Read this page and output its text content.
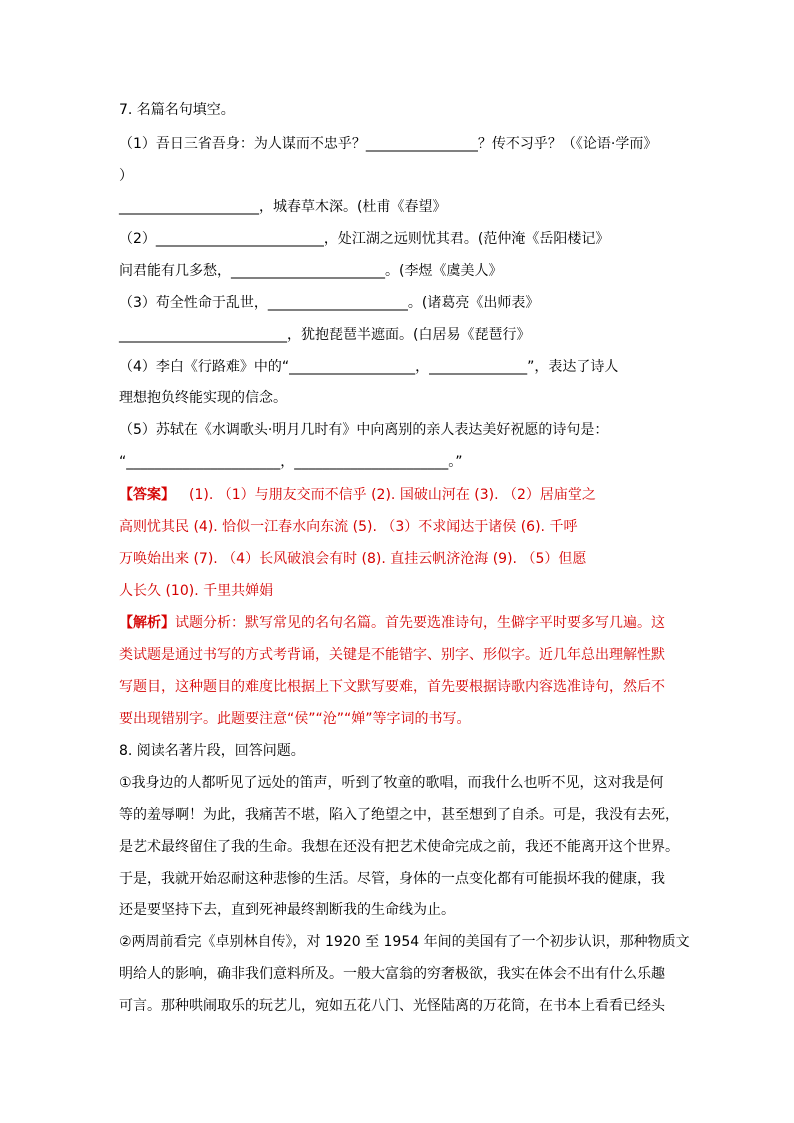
7. 名篇名句填空。

（1）吾日三省吾身：为人谋而不忠乎？________________？传不习乎？（《论语·学而》

）

____________________，城春草木深。(杜甫《春望》

（2）________________________，处江湖之远则忧其君。(范仲淹《岳阳楼记》

问君能有几多愁，______________________。(李煜《虞美人》

（3）苟全性命于乱世，____________________。(诸葛亮《出师表》

________________________，犹抱琵琶半遮面。(白居易《琵琶行》

（4）李白《行路难》中的“__________________，______________”，表达了诗人

理想抱负终能实现的信念。

（5）苏轼在《水调歌头·明月几时有》中向离别的亲人表达美好祝愿的诗句是：

“______________________，______________________。”

【答案】 (1). （1）与朋友交而不信乎 (2). 国破山河在 (3). （2）居庙堂之

高则忧其民 (4). 恰似一江春水向东流 (5). （3）不求闻达于诸侯 (6). 千呼

万唤始出来 (7). （4）长风破浪会有时 (8). 直挂云帆济沧海 (9). （5）但愿

人长久 (10). 千里共婵娟

【解析】试题分析：默写常见的名句名篇。首先要选准诗句，生僻字平时要多写几遍。这

类试题是通过书写的方式考背诵，关键是不能错字、别字、形似字。近几年总出理解性默

写题目，这种题目的难度比根据上下文默写要难，首先要根据诗歌内容选准诗句，然后不

要出现错别字。此题要注意“侯”“沧”“婵”等字词的书写。

8. 阅读名著片段，回答问题。

①我身边的人都听见了远处的笛声，听到了牧童的歌唱，而我什么也听不见，这对我是何

等的羞辱啊！为此，我痛苦不堪，陷入了绝望之中，甚至想到了自杀。可是，我没有去死，

是艺术最终留住了我的生命。我想在还没有把艺术使命完成之前，我还不能离开这个世界。

于是，我就开始忍耐这种悲惨的生活。尽管，身体的一点变化都有可能损坏我的健康，我

还是要坚持下去，直到死神最终割断我的生命线为止。

②两周前看完《卓别林自传》，对 1920 至 1954 年间的美国有了一个初步认识，那种物质文

明给人的影响，确非我们意料所及。一般大富翁的穷奢极欲，我实在体会不出有什么乐趣

可言。那种哄闹取乐的玩艺儿，宛如五花八门、光怪陆离的万花筒，在书本上看看已经头
